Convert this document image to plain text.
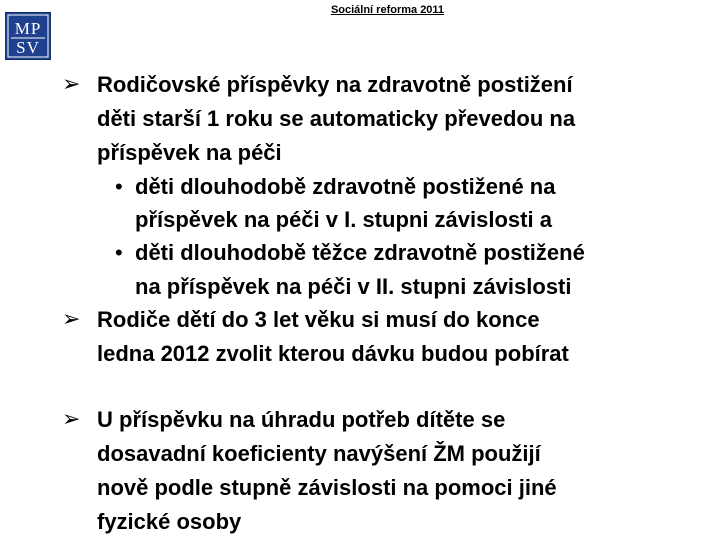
MP
SV
Sociální reforma 2011
➢ Rodičovské příspěvky na zdravotně postižení
děti starší 1 roku se automaticky převedou na
příspěvek na péči
• děti dlouhodobě zdravotně postižené na
příspěvek na péči v I. stupni závislosti a
• děti dlouhodobě těžce zdravotně postižené
na příspěvek na péči v II. stupni závislosti
➢ Rodiče dětí do 3 let věku si musí do konce
ledna 2012 zvolit kterou dávku budou pobírat
➢ U příspěvku na úhradu potřeb dítěte se
dosavadní koeficienty navýšení ŽM použijí
nově podle stupně závislosti na pomoci jiné
fyzické osoby
